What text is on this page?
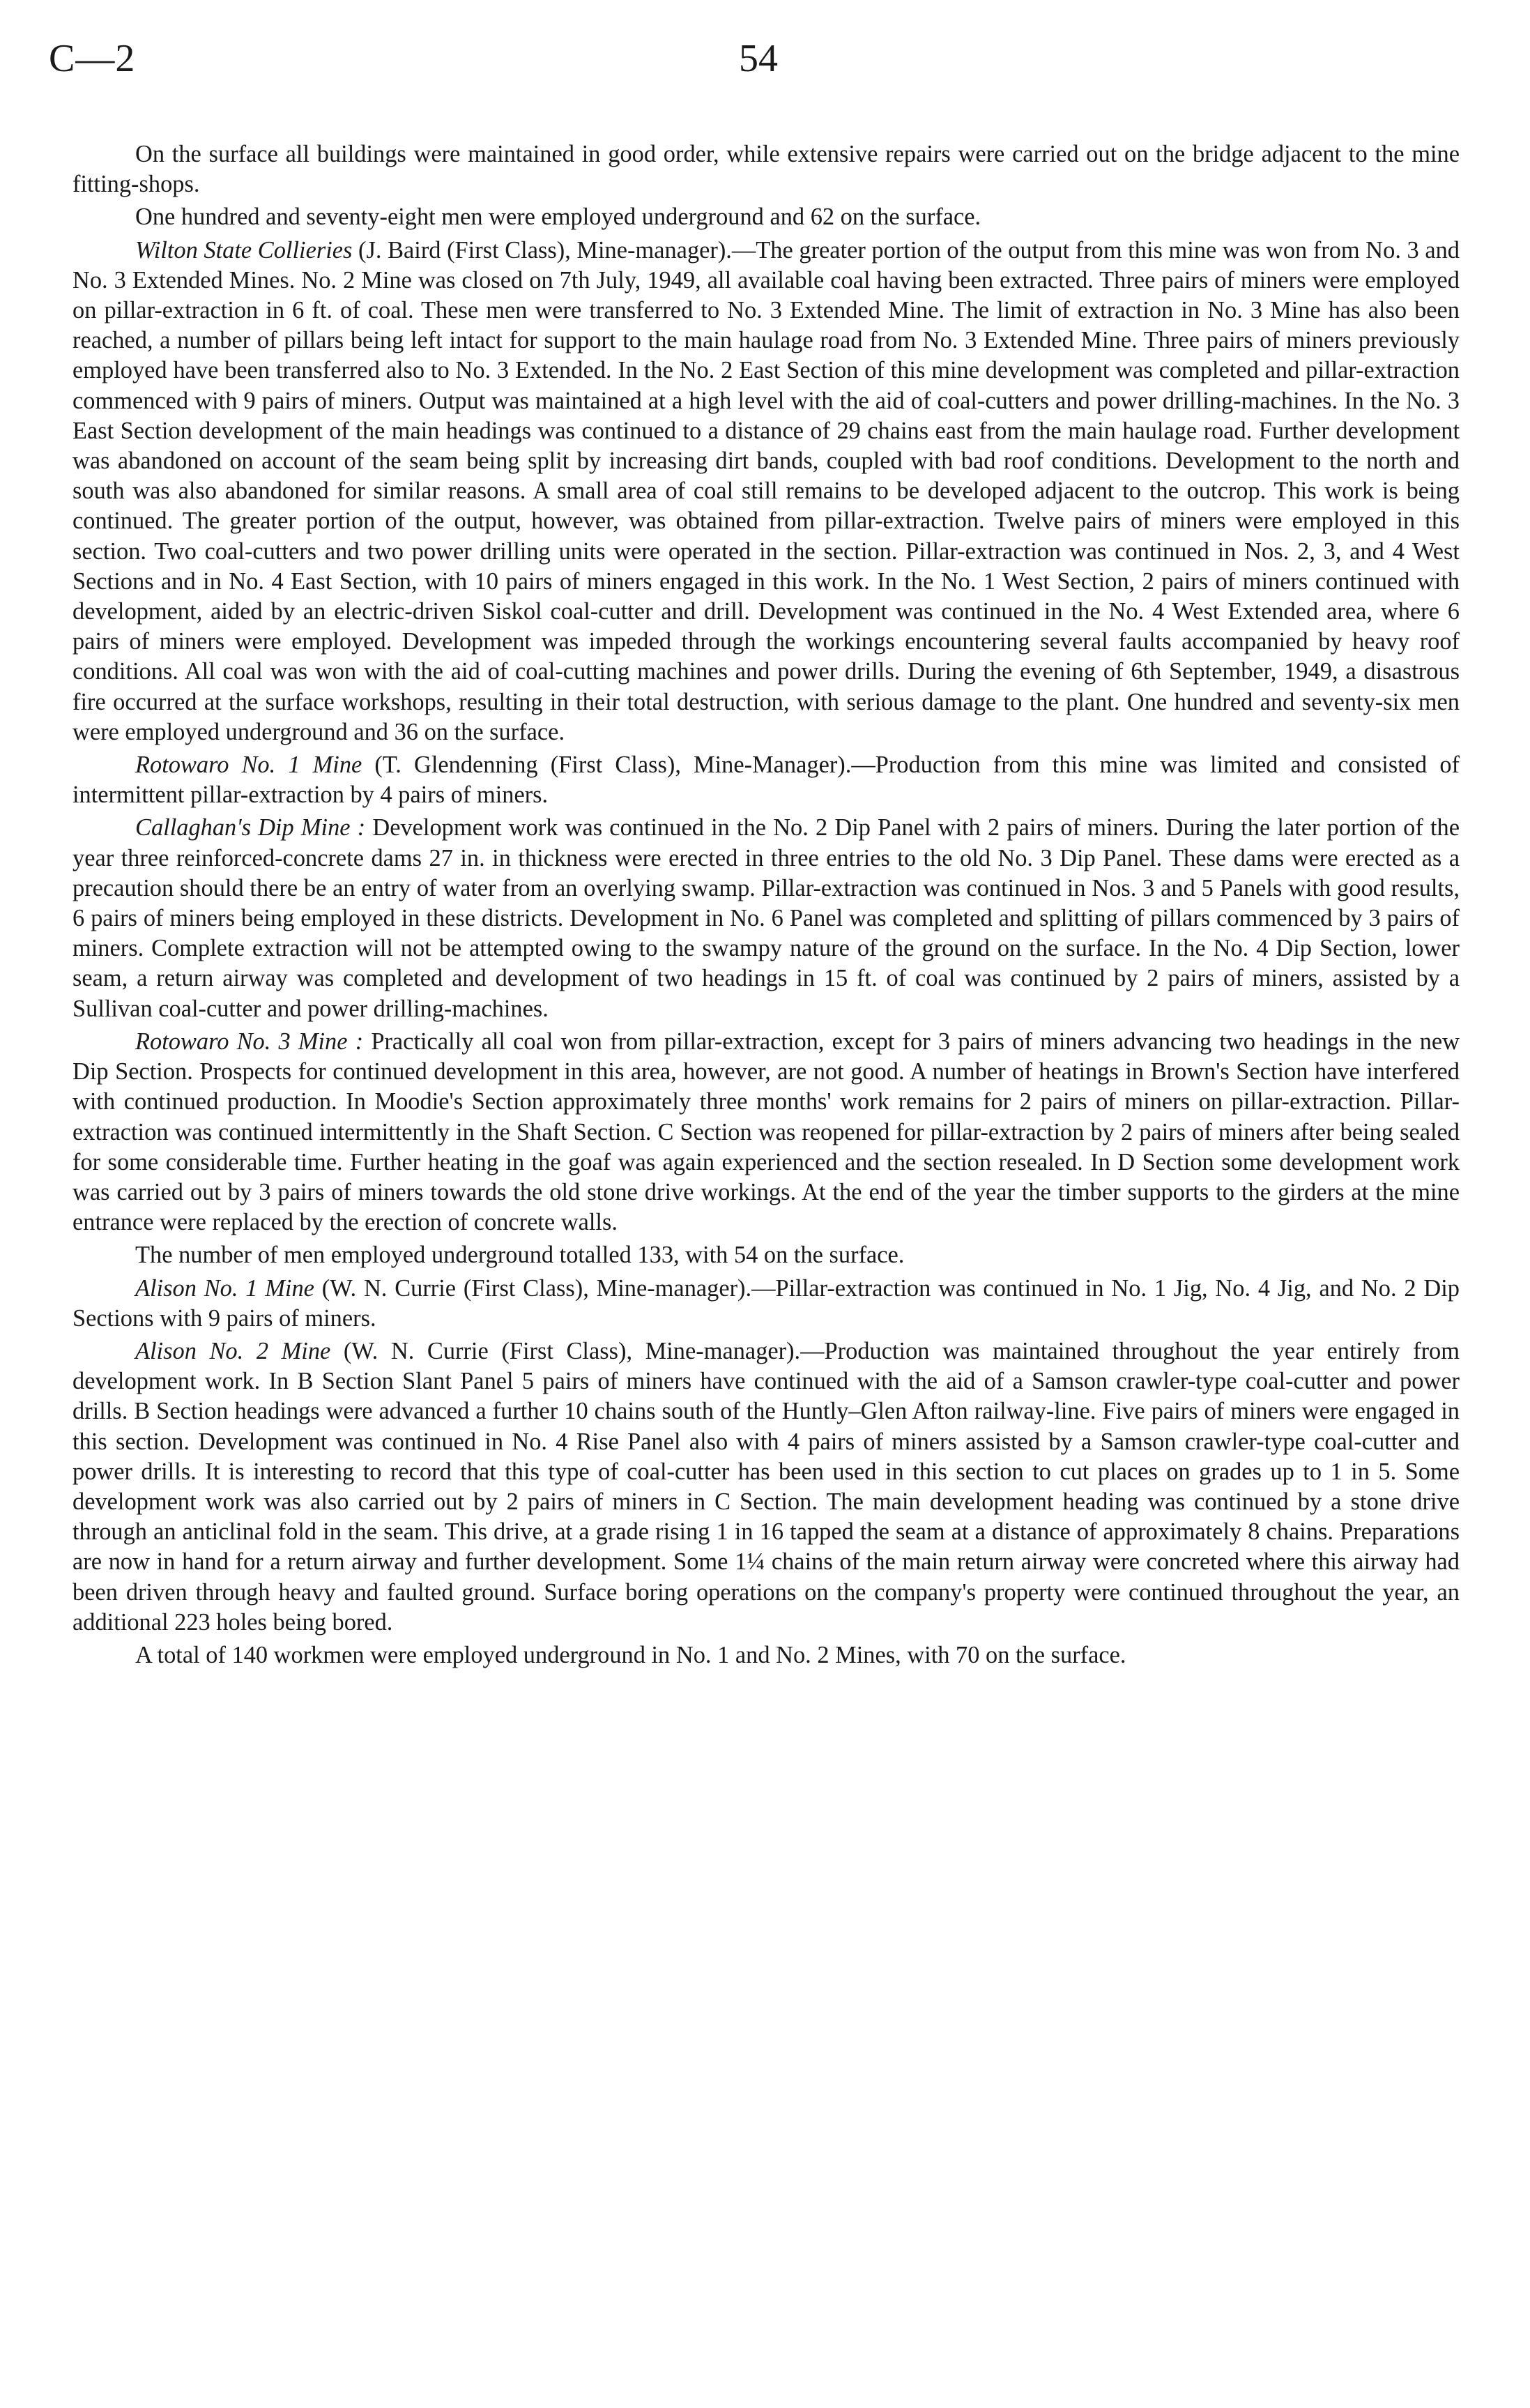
C—2	54

On the surface all buildings were maintained in good order, while extensive repairs were carried out on the bridge adjacent to the mine fitting-shops.

One hundred and seventy-eight men were employed underground and 62 on the surface.

Wilton State Collieries (J. Baird (First Class), Mine-manager).—The greater portion of the output from this mine was won from No. 3 and No. 3 Extended Mines. No. 2 Mine was closed on 7th July, 1949, all available coal having been extracted. Three pairs of miners were employed on pillar-extraction in 6 ft. of coal. These men were transferred to No. 3 Extended Mine. The limit of extraction in No. 3 Mine has also been reached, a number of pillars being left intact for support to the main haulage road from No. 3 Extended Mine. Three pairs of miners previously employed have been transferred also to No. 3 Extended. In the No. 2 East Section of this mine development was completed and pillar-extraction commenced with 9 pairs of miners. Output was maintained at a high level with the aid of coal-cutters and power drilling-machines. In the No. 3 East Section development of the main headings was continued to a distance of 29 chains east from the main haulage road. Further development was abandoned on account of the seam being split by increasing dirt bands, coupled with bad roof conditions. Development to the north and south was also abandoned for similar reasons. A small area of coal still remains to be developed adjacent to the outcrop. This work is being continued. The greater portion of the output, however, was obtained from pillar-extraction. Twelve pairs of miners were employed in this section. Two coal-cutters and two power drilling units were operated in the section. Pillar-extraction was continued in Nos. 2, 3, and 4 West Sections and in No. 4 East Section, with 10 pairs of miners engaged in this work. In the No. 1 West Section, 2 pairs of miners continued with development, aided by an electric-driven Siskol coal-cutter and drill. Development was continued in the No. 4 West Extended area, where 6 pairs of miners were employed. Development was impeded through the workings encountering several faults accompanied by heavy roof conditions. All coal was won with the aid of coal-cutting machines and power drills. During the evening of 6th September, 1949, a disastrous fire occurred at the surface workshops, resulting in their total destruction, with serious damage to the plant. One hundred and seventy-six men were employed underground and 36 on the surface.

Rotowaro No. 1 Mine (T. Glendenning (First Class), Mine-Manager).—Production from this mine was limited and consisted of intermittent pillar-extraction by 4 pairs of miners.

Callaghan's Dip Mine : Development work was continued in the No. 2 Dip Panel with 2 pairs of miners. During the later portion of the year three reinforced-concrete dams 27 in. in thickness were erected in three entries to the old No. 3 Dip Panel. These dams were erected as a precaution should there be an entry of water from an overlying swamp. Pillar-extraction was continued in Nos. 3 and 5 Panels with good results, 6 pairs of miners being employed in these districts. Development in No. 6 Panel was completed and splitting of pillars commenced by 3 pairs of miners. Complete extraction will not be attempted owing to the swampy nature of the ground on the surface. In the No. 4 Dip Section, lower seam, a return airway was completed and development of two headings in 15 ft. of coal was continued by 2 pairs of miners, assisted by a Sullivan coal-cutter and power drilling-machines.

Rotowaro No. 3 Mine : Practically all coal won from pillar-extraction, except for 3 pairs of miners advancing two headings in the new Dip Section. Prospects for continued development in this area, however, are not good. A number of heatings in Brown's Section have interfered with continued production. In Moodie's Section approximately three months' work remains for 2 pairs of miners on pillar-extraction. Pillar-extraction was continued intermittently in the Shaft Section. C Section was reopened for pillar-extraction by 2 pairs of miners after being sealed for some considerable time. Further heating in the goaf was again experienced and the section resealed. In D Section some development work was carried out by 3 pairs of miners towards the old stone drive workings. At the end of the year the timber supports to the girders at the mine entrance were replaced by the erection of concrete walls.

The number of men employed underground totalled 133, with 54 on the surface.

Alison No. 1 Mine (W. N. Currie (First Class), Mine-manager).—Pillar-extraction was continued in No. 1 Jig, No. 4 Jig, and No. 2 Dip Sections with 9 pairs of miners.

Alison No. 2 Mine (W. N. Currie (First Class), Mine-manager).—Production was maintained throughout the year entirely from development work. In B Section Slant Panel 5 pairs of miners have continued with the aid of a Samson crawler-type coal-cutter and power drills. B Section headings were advanced a further 10 chains south of the Huntly–Glen Afton railway-line. Five pairs of miners were engaged in this section. Development was continued in No. 4 Rise Panel also with 4 pairs of miners assisted by a Samson crawler-type coal-cutter and power drills. It is interesting to record that this type of coal-cutter has been used in this section to cut places on grades up to 1 in 5. Some development work was also carried out by 2 pairs of miners in C Section. The main development heading was continued by a stone drive through an anticlinal fold in the seam. This drive, at a grade rising 1 in 16 tapped the seam at a distance of approximately 8 chains. Preparations are now in hand for a return airway and further development. Some 1¼ chains of the main return airway were concreted where this airway had been driven through heavy and faulted ground. Surface boring operations on the company's property were continued throughout the year, an additional 223 holes being bored.

A total of 140 workmen were employed underground in No. 1 and No. 2 Mines, with 70 on the surface.
